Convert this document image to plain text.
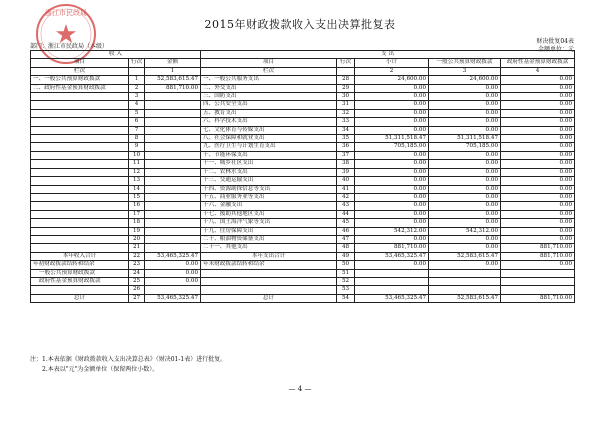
2015年财政拨款收入支出决算批复表
财决批复04表
金额单位：元
部门：浙江市民政局（本级）
浙江市民政局
收 入			支 出				
项目	行次	金额	项目	行次	小计	一般公共预算财政拨款	政府性基金预算财政拨款
栏次		1	栏次		2	3	4
一、一般公共预算财政拨款	1	52,583,615.47	一、一般公共服务支出	28	24,600.00	24,600.00	0.00
二、政府性基金预算财政拨款	2	881,710.00	二、外交支出	29	0.00	0.00	0.00
	3		三、国防支出	30	0.00	0.00	0.00
	4		四、公共安全支出	31	0.00	0.00	0.00
	5		五、教育支出	32	0.00	0.00	0.00
	6		六、科学技术支出	33	0.00	0.00	0.00
	7		七、文化体育与传媒支出	34	0.00	0.00	0.00
	8		八、社会保障和就业支出	35	51,311,518.47	51,311,518.47	0.00
	9		九、医疗卫生与计划生育支出	36	705,185.00	705,185.00	0.00
	10		十、节能环保支出	37	0.00	0.00	0.00
	11		十一、城乡社区支出	38	0.00	0.00	0.00
	12		十二、农林水支出	39	0.00	0.00	0.00
	13		十三、交通运输支出	40	0.00	0.00	0.00
	14		十四、资源勘探信息等支出	41	0.00	0.00	0.00
	15		十五、商业服务业等支出	42	0.00	0.00	0.00
	16		十六、金融支出	43	0.00	0.00	0.00
	17		十七、援助其他地区支出	44	0.00	0.00	0.00
	18		十八、国土海洋气象等支出	45	0.00	0.00	0.00
	19		十九、住房保障支出	46	542,312.00	542,312.00	0.00
	20		二十、粮油物资储备支出	47	0.00	0.00	0.00
	21		二十一、其他支出	48	881,710.00	0.00	881,710.00
本年收入合计	22	53,465,325.47	本年支出合计	49	53,465,325.47	52,583,615.47	881,710.00
年初财政拨款结转和结余	23	0.00	年末财政拨款结转和结余	50	0.00	0.00	0.00
一般公共预算财政拨款	24	0.00		51			
政府性基金预算财政拨款	25	0.00		52			
	26			53			
总计	27	53,465,325.47	总计	54	53,465,325.47	52,583,615.47	881,710.00
注：1.本表依据《财政拨款收入支出决算总表》（财决01-1表）进行批复。
2.本表以"元"为金额单位（保留两位小数）。
— 4 —
